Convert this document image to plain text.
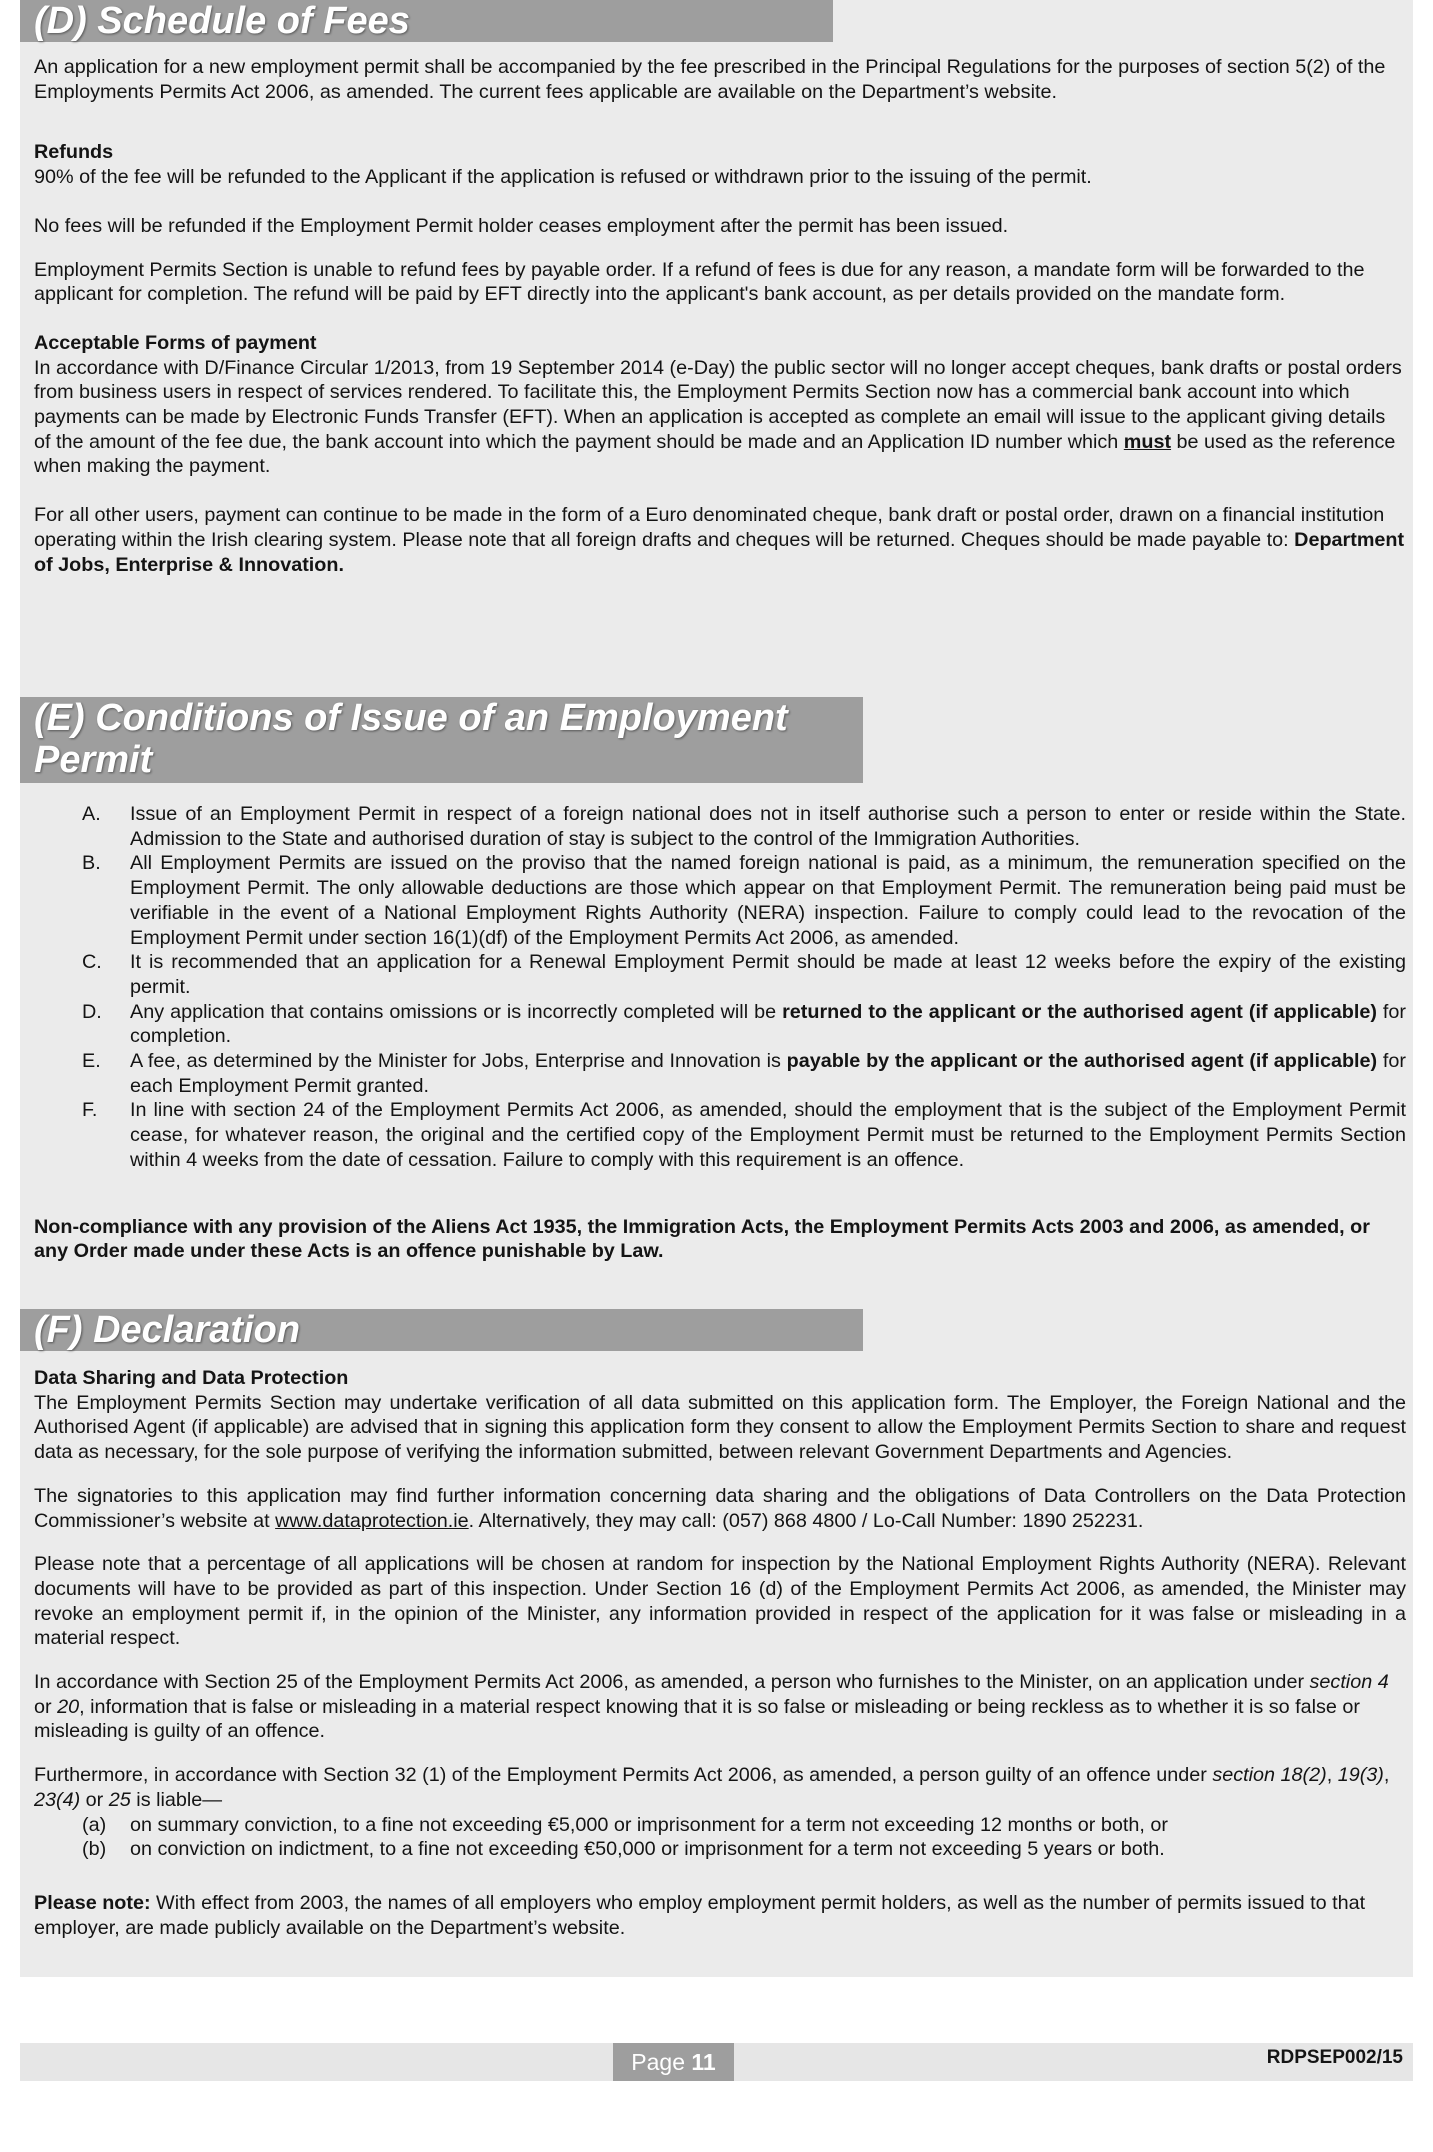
(D) Schedule of Fees

An application for a new employment permit shall be accompanied by the fee prescribed in the Principal Regulations for the purposes of section 5(2) of the Employments Permits Act 2006, as amended. The current fees applicable are available on the Department’s website.

Refunds

90% of the fee will be refunded to the Applicant if the application is refused or withdrawn prior to the issuing of the permit.

No fees will be refunded if the Employment Permit holder ceases employment after the permit has been issued.

Employment Permits Section is unable to refund fees by payable order. If a refund of fees is due for any reason, a mandate form will be forwarded to the applicant for completion. The refund will be paid by EFT directly into the applicant's bank account, as per details provided on the mandate form.

Acceptable Forms of payment

In accordance with D/Finance Circular 1/2013, from 19 September 2014 (e-Day) the public sector will no longer accept cheques, bank drafts or postal orders from business users in respect of services rendered. To facilitate this, the Employment Permits Section now has a commercial bank account into which payments can be made by Electronic Funds Transfer (EFT). When an application is accepted as complete an email will issue to the applicant giving details of the amount of the fee due, the bank account into which the payment should be made and an Application ID number which must be used as the reference when making the payment.

For all other users, payment can continue to be made in the form of a Euro denominated cheque, bank draft or postal order, drawn on a financial institution operating within the Irish clearing system. Please note that all foreign drafts and cheques will be returned. Cheques should be made payable to: Department of Jobs, Enterprise & Innovation.

(E) Conditions of Issue of an Employment
Permit
A. Issue of an Employment Permit in respect of a foreign national does not in itself authorise such a person to enter or reside within the State. Admission to the State and authorised duration of stay is subject to the control of the Immigration Authorities.

B. All Employment Permits are issued on the proviso that the named foreign national is paid, as a minimum, the remuneration specified on the Employment Permit. The only allowable deductions are those which appear on that Employment Permit. The remuneration being paid must be verifiable in the event of a National Employment Rights Authority (NERA) inspection. Failure to comply could lead to the revocation of the Employment Permit under section 16(1)(df) of the Employment Permits Act 2006, as amended.

C. It is recommended that an application for a Renewal Employment Permit should be made at least 12 weeks before the expiry of the existing permit.

D. Any application that contains omissions or is incorrectly completed will be returned to the applicant or the authorised agent (if applicable) for completion.

E. A fee, as determined by the Minister for Jobs, Enterprise and Innovation is payable by the applicant or the authorised agent (if applicable) for each Employment Permit granted.

F. In line with section 24 of the Employment Permits Act 2006, as amended, should the employment that is the subject of the Employment Permit cease, for whatever reason, the original and the certified copy of the Employment Permit must be returned to the Employment Permits Section within 4 weeks from the date of cessation. Failure to comply with this requirement is an offence.

Non-compliance with any provision of the Aliens Act 1935, the Immigration Acts, the Employment Permits Acts 2003 and 2006, as amended, or any Order made under these Acts is an offence punishable by Law.

(F) Declaration

Data Sharing and Data Protection

The Employment Permits Section may undertake verification of all data submitted on this application form. The Employer, the Foreign National and the Authorised Agent (if applicable) are advised that in signing this application form they consent to allow the Employment Permits Section to share and request data as necessary, for the sole purpose of verifying the information submitted, between relevant Government Departments and Agencies.

The signatories to this application may find further information concerning data sharing and the obligations of Data Controllers on the Data Protection Commissioner’s website at www.dataprotection.ie. Alternatively, they may call: (057) 868 4800 / Lo-Call Number: 1890 252231.

Please note that a percentage of all applications will be chosen at random for inspection by the National Employment Rights Authority (NERA). Relevant documents will have to be provided as part of this inspection. Under Section 16 (d) of the Employment Permits Act 2006, as amended, the Minister may revoke an employment permit if, in the opinion of the Minister, any information provided in respect of the application for it was false or misleading in a material respect.

In accordance with Section 25 of the Employment Permits Act 2006, as amended, a person who furnishes to the Minister, on an application under section 4 or 20, information that is false or misleading in a material respect knowing that it is so false or misleading or being reckless as to whether it is so false or misleading is guilty of an offence.

Furthermore, in accordance with Section 32 (1) of the Employment Permits Act 2006, as amended, a person guilty of an offence under section 18(2), 19(3), 23(4) or 25 is liable—

(a) on summary conviction, to a fine not exceeding €5,000 or imprisonment for a term not exceeding 12 months or both, or

(b) on conviction on indictment, to a fine not exceeding €50,000 or imprisonment for a term not exceeding 5 years or both.

Please note: With effect from 2003, the names of all employers who employ employment permit holders, as well as the number of permits issued to that employer, are made publicly available on the Department’s website.

Page 11	RDPSEP002/15
